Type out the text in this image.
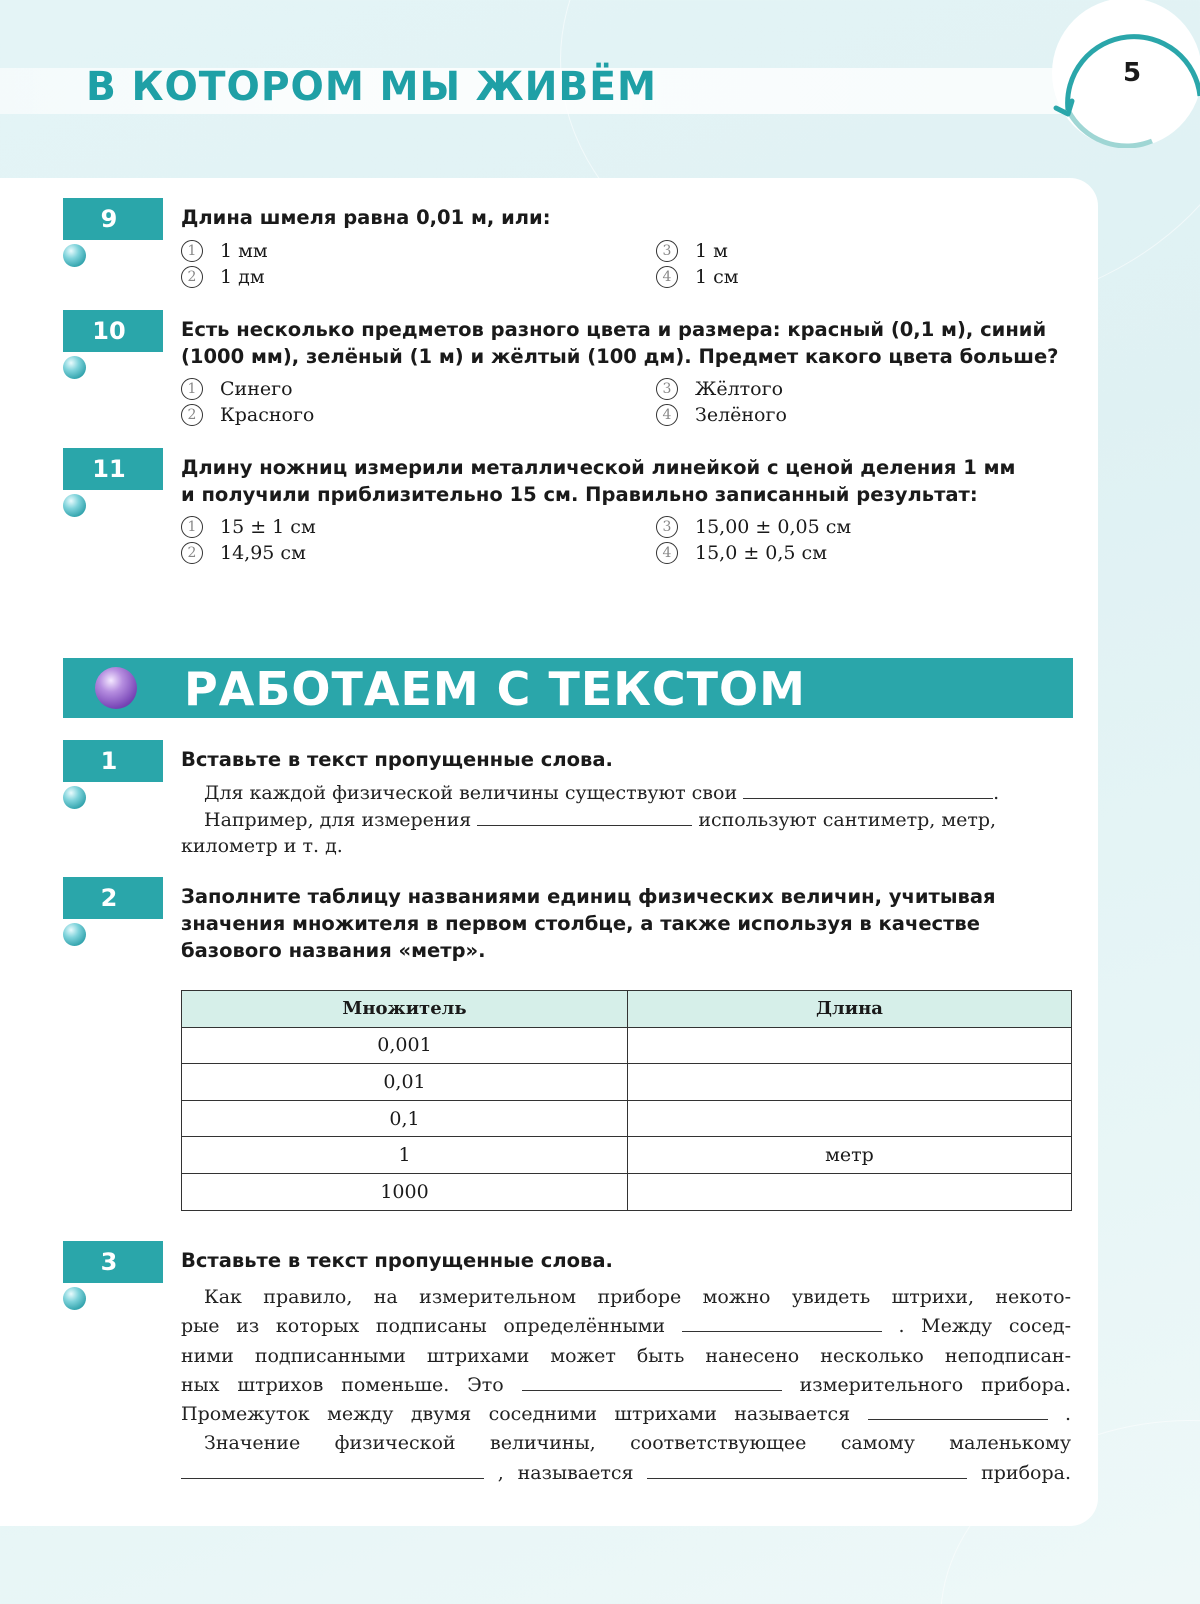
В КОТОРОМ МЫ ЖИВЁМ	5
9	Длина шмеля равна 0,01 м, или:
1	1 мм
2	1 дм
3	1 м
4	1 см
10	Есть несколько предметов разного цвета и размера: красный (0,1 м), синий
(1000 мм), зелёный (1 м) и жёлтый (100 дм). Предмет какого цвета больше?
1	Синего
2	Красного
3	Жёлтого
4	Зелёного
11	Длину ножниц измерили металлической линейкой с ценой деления 1 мм
и получили приблизительно 15 см. Правильно записанный результат:
1	15 ± 1 см
2	14,95 см
3	15,00 ± 0,05 см
4	15,0 ± 0,5 см
РАБОТАЕМ С ТЕКСТОМ
1	Вставьте в текст пропущенные слова.
Для каждой физической величины существуют свои	.
Например, для измерения	используют сантиметр, метр,
километр и т. д.
2	Заполните таблицу названиями единиц физических величин, учитывая
значения множителя в первом столбце, а также используя в качестве
базового названия «метр».
Множитель	Длина
0,001	
0,01	
0,1	
1	метр
1000	
3	Вставьте в текст пропущенные слова.
Как правило, на измерительном приборе можно увидеть штрихи, некото-
рые из которых подписаны определёнными	. Между сосед-
ними подписанными штрихами может быть нанесено несколько неподписан-
ных штрихов поменьше. Это	измерительного прибора.
Промежуток между двумя соседними штрихами называется	.
Значение физической величины, соответствующее самому маленькому
, называется	прибора.
